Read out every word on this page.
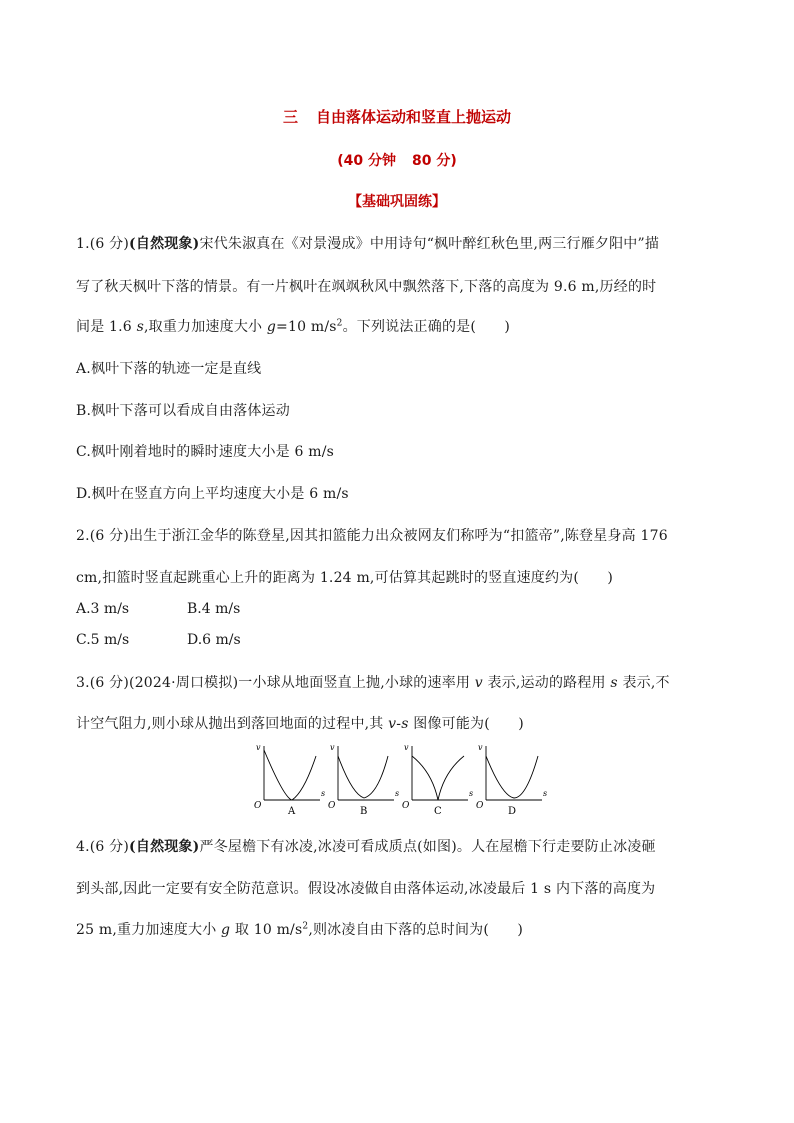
三 自由落体运动和竖直上抛运动
(40 分钟 80 分)
【基础巩固练】
1.(6 分)(自然现象)宋代朱淑真在《对景漫成》中用诗句“枫叶醉红秋色里,两三行雁夕阳中”描
写了秋天枫叶下落的情景。有一片枫叶在飒飒秋风中飘然落下,下落的高度为 9.6 m,历经的时
间是 1.6 s,取重力加速度大小 g=10 $m/s^2$。下列说法正确的是(　　)
A.枫叶下落的轨迹一定是直线
B.枫叶下落可以看成自由落体运动
C.枫叶刚着地时的瞬时速度大小是 6 m/s
D.枫叶在竖直方向上平均速度大小是 6 m/s
2.(6 分)出生于浙江金华的陈登星,因其扣篮能力出众被网友们称呼为“扣篮帝”,陈登星身高 176
cm,扣篮时竖直起跳重心上升的距离为 1.24 m,可估算其起跳时的竖直速度约为(　　)
A.3 m/s	B.4 m/s
C.5 m/s	D.6 m/s
3.(6 分)(2024·周口模拟)一小球从地面竖直上抛,小球的速率用 v 表示,运动的路程用 s 表示,不
计空气阻力,则小球从抛出到落回地面的过程中,其 v-s 图像可能为(　　)
v
O
s
A
v
O
s
B
v
O
s
C
v
O
s
D
4.(6 分)(自然现象)严冬屋檐下有冰凌,冰凌可看成质点(如图)。人在屋檐下行走要防止冰凌砸
到头部,因此一定要有安全防范意识。假设冰凌做自由落体运动,冰凌最后 1 s 内下落的高度为
25 m,重力加速度大小 g 取 10 $m/s^2$,则冰凌自由下落的总时间为(　　)
